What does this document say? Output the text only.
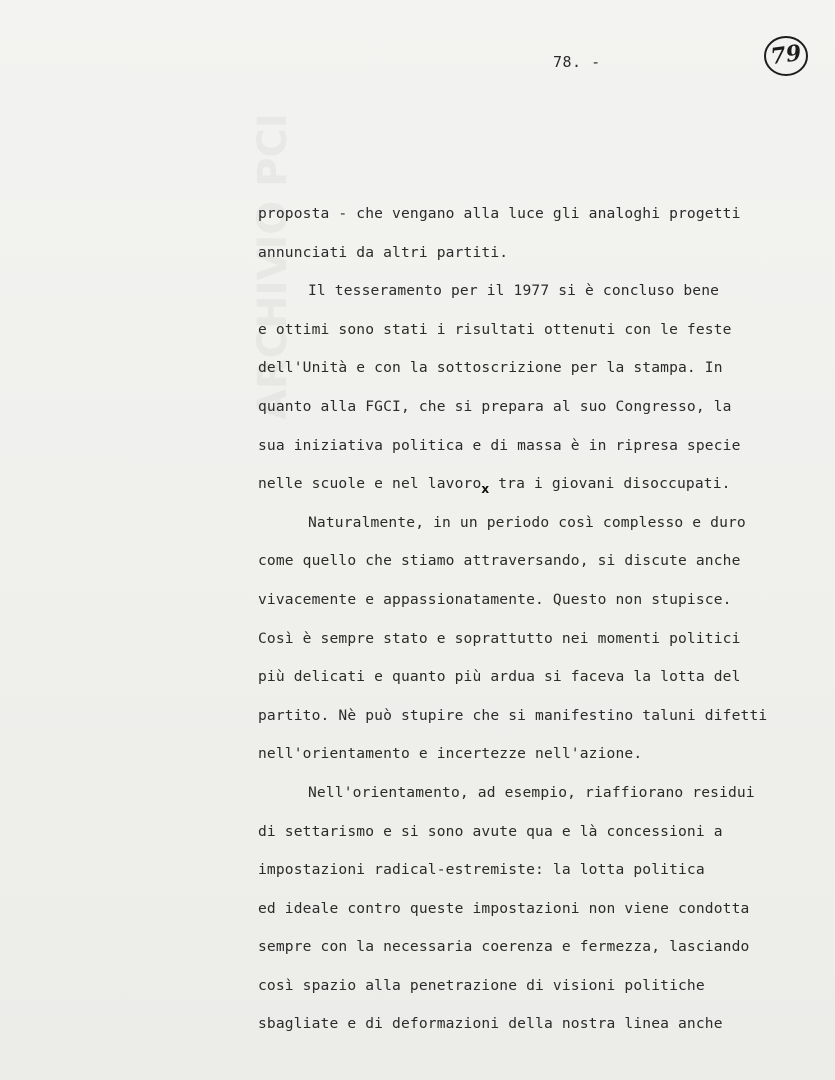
ARCHIVIO PCI
78. -	79
proposta - che vengano alla luce gli analoghi progetti
annunciati da altri partiti.
Il tesseramento per il 1977 si è concluso bene
e ottimi sono stati i risultati ottenuti con le feste
dell'Unità e con la sottoscrizione per la stampa. In
quanto alla FGCI, che si prepara al suo Congresso, la
sua iniziativa politica e di massa è in ripresa specie
nelle scuole e nel lavorox tra i giovani disoccupati.
Naturalmente, in un periodo così complesso e duro
come quello che stiamo attraversando, si discute anche
vivacemente e appassionatamente. Questo non stupisce.
Così è sempre stato e soprattutto nei momenti politici
più delicati e quanto più ardua si faceva la lotta del
partito. Nè può stupire che si manifestino taluni difetti
nell'orientamento e incertezze nell'azione.
Nell'orientamento, ad esempio, riaffiorano residui
di settarismo e si sono avute qua e là concessioni a
impostazioni radical-estremiste: la lotta politica
ed ideale contro queste impostazioni non viene condotta
sempre con la necessaria coerenza e fermezza, lasciando
così spazio alla penetrazione di visioni politiche
sbagliate e di deformazioni della nostra linea anche
